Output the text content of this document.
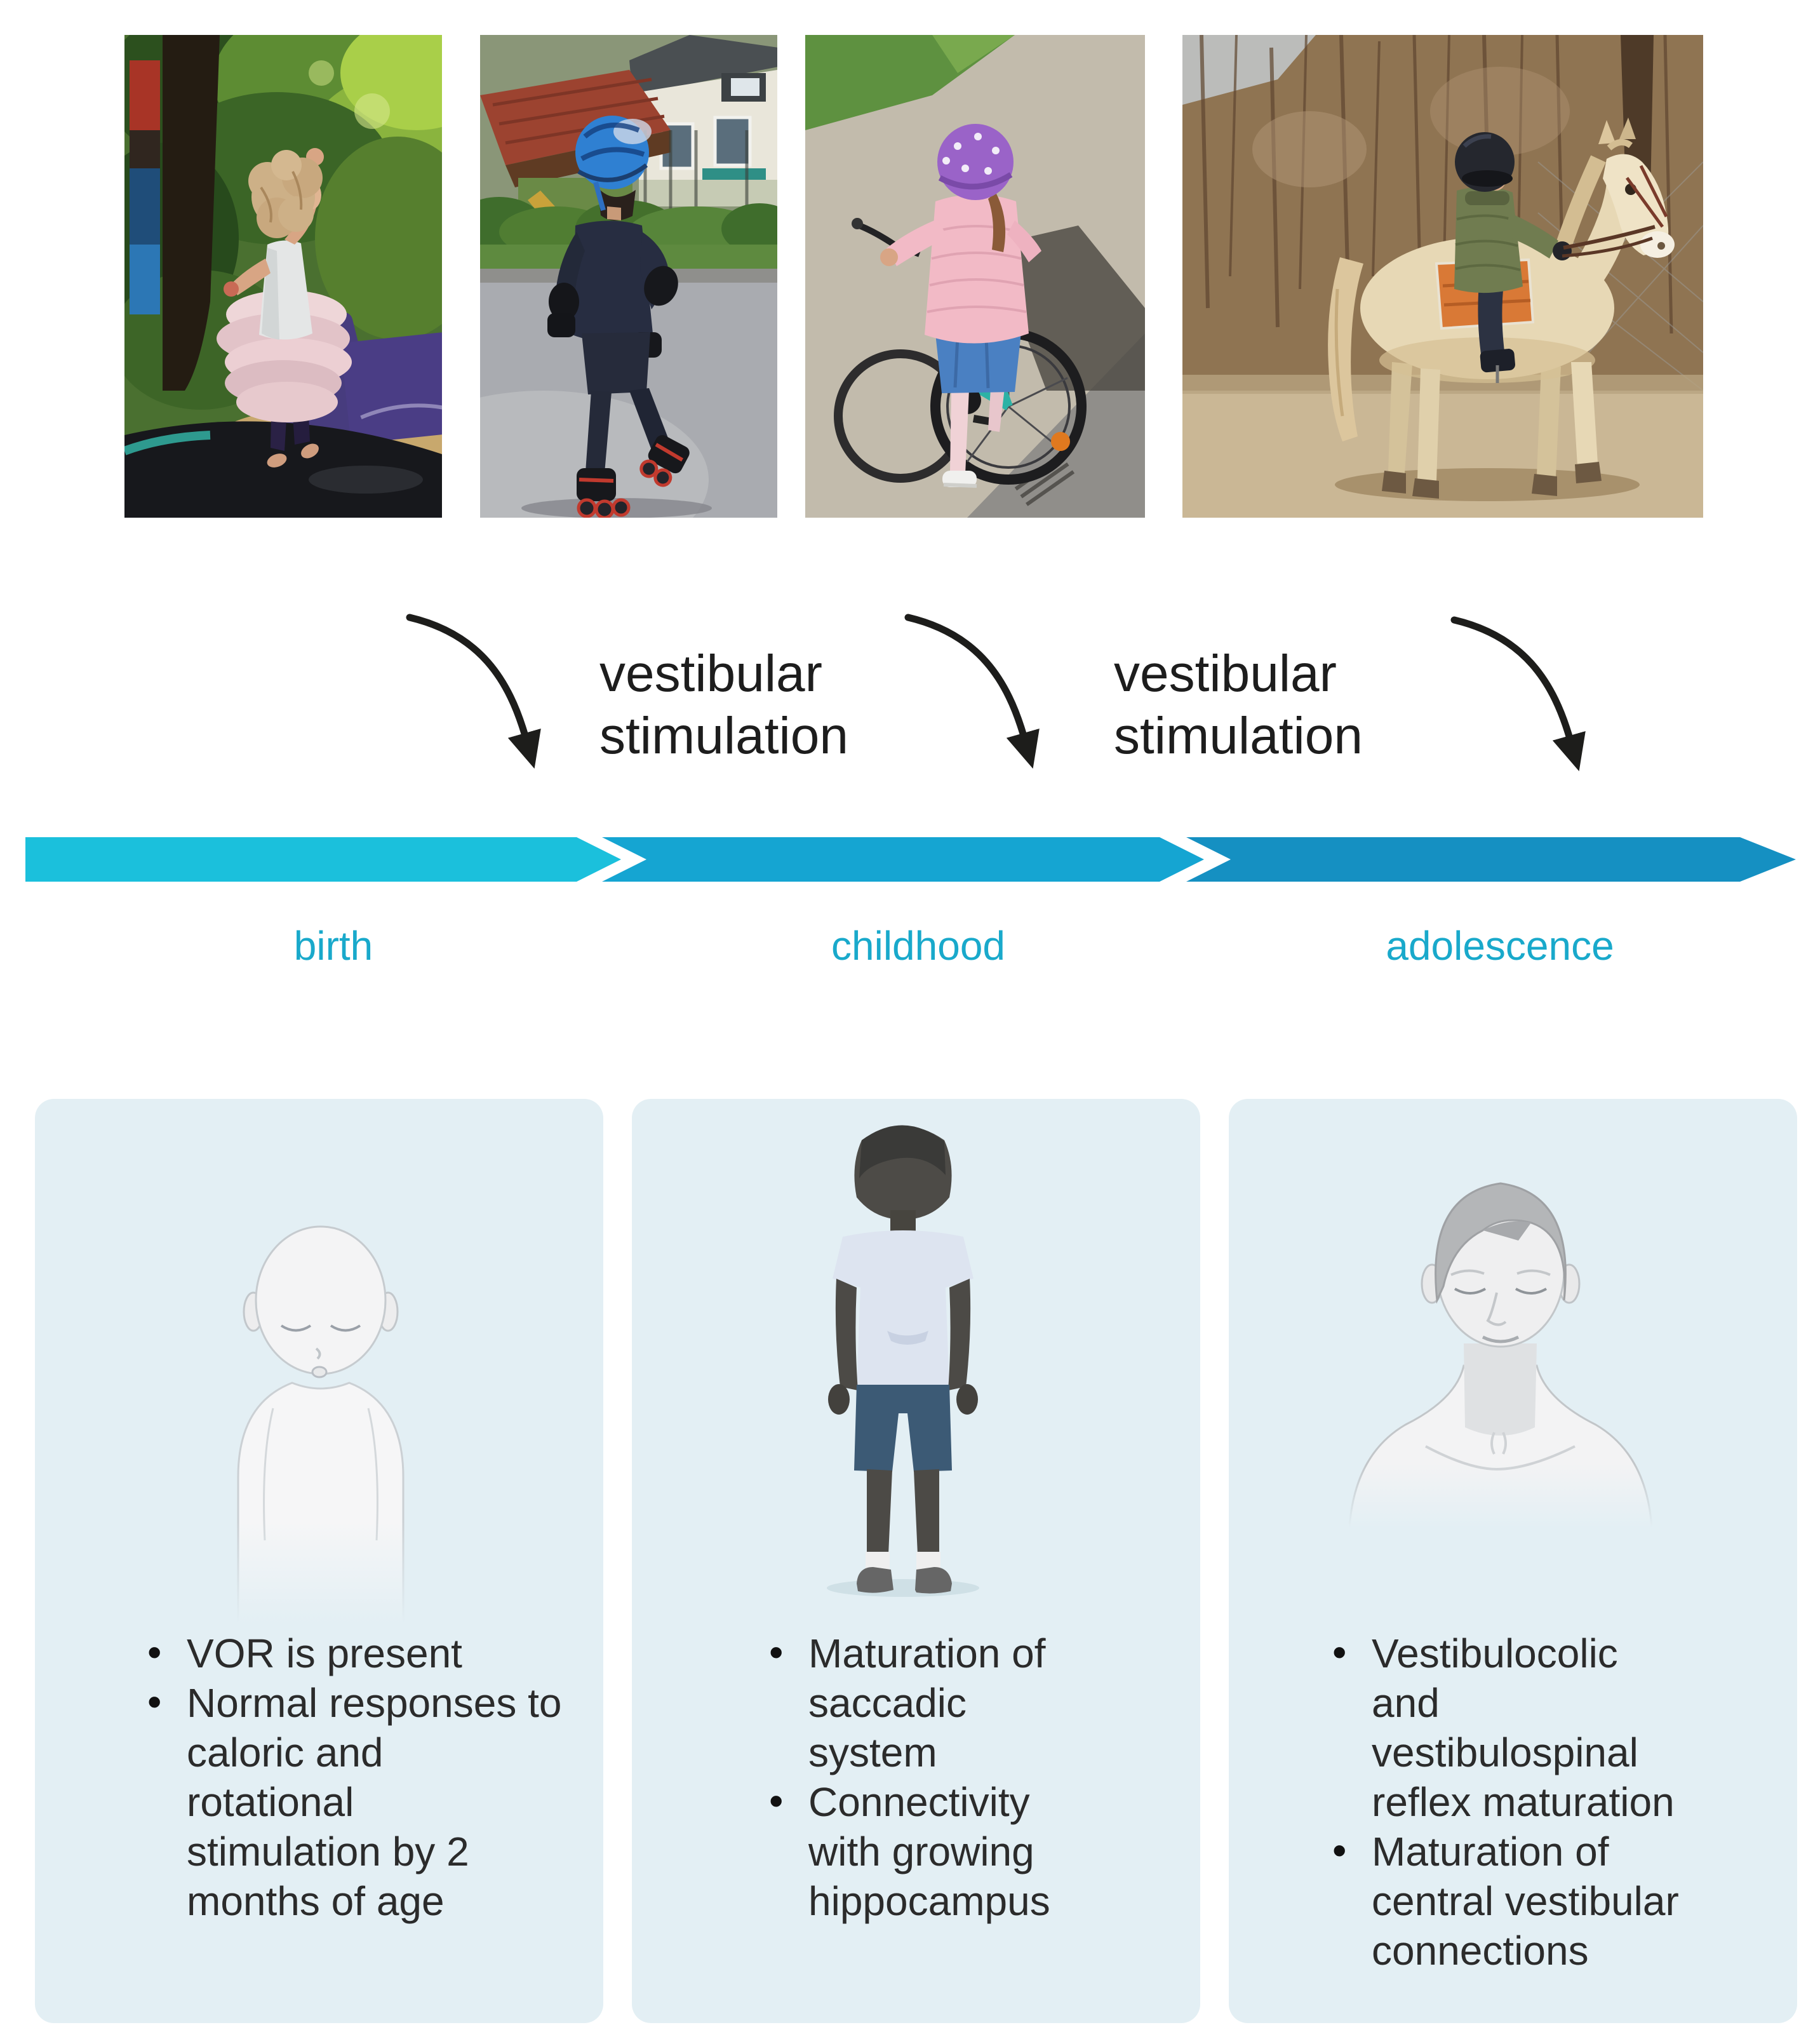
vestibular stimulation
vestibular stimulation
birth	childhood	adolescence
• VOR is present
• Normal responses to
caloric and
rotational
stimulation by 2
months of age
• Maturation of
saccadic
system
• Connectivity
with growing
hippocampus
• Vestibulocolic
and
vestibulospinal
reflex maturation
• Maturation of
central vestibular
connections
